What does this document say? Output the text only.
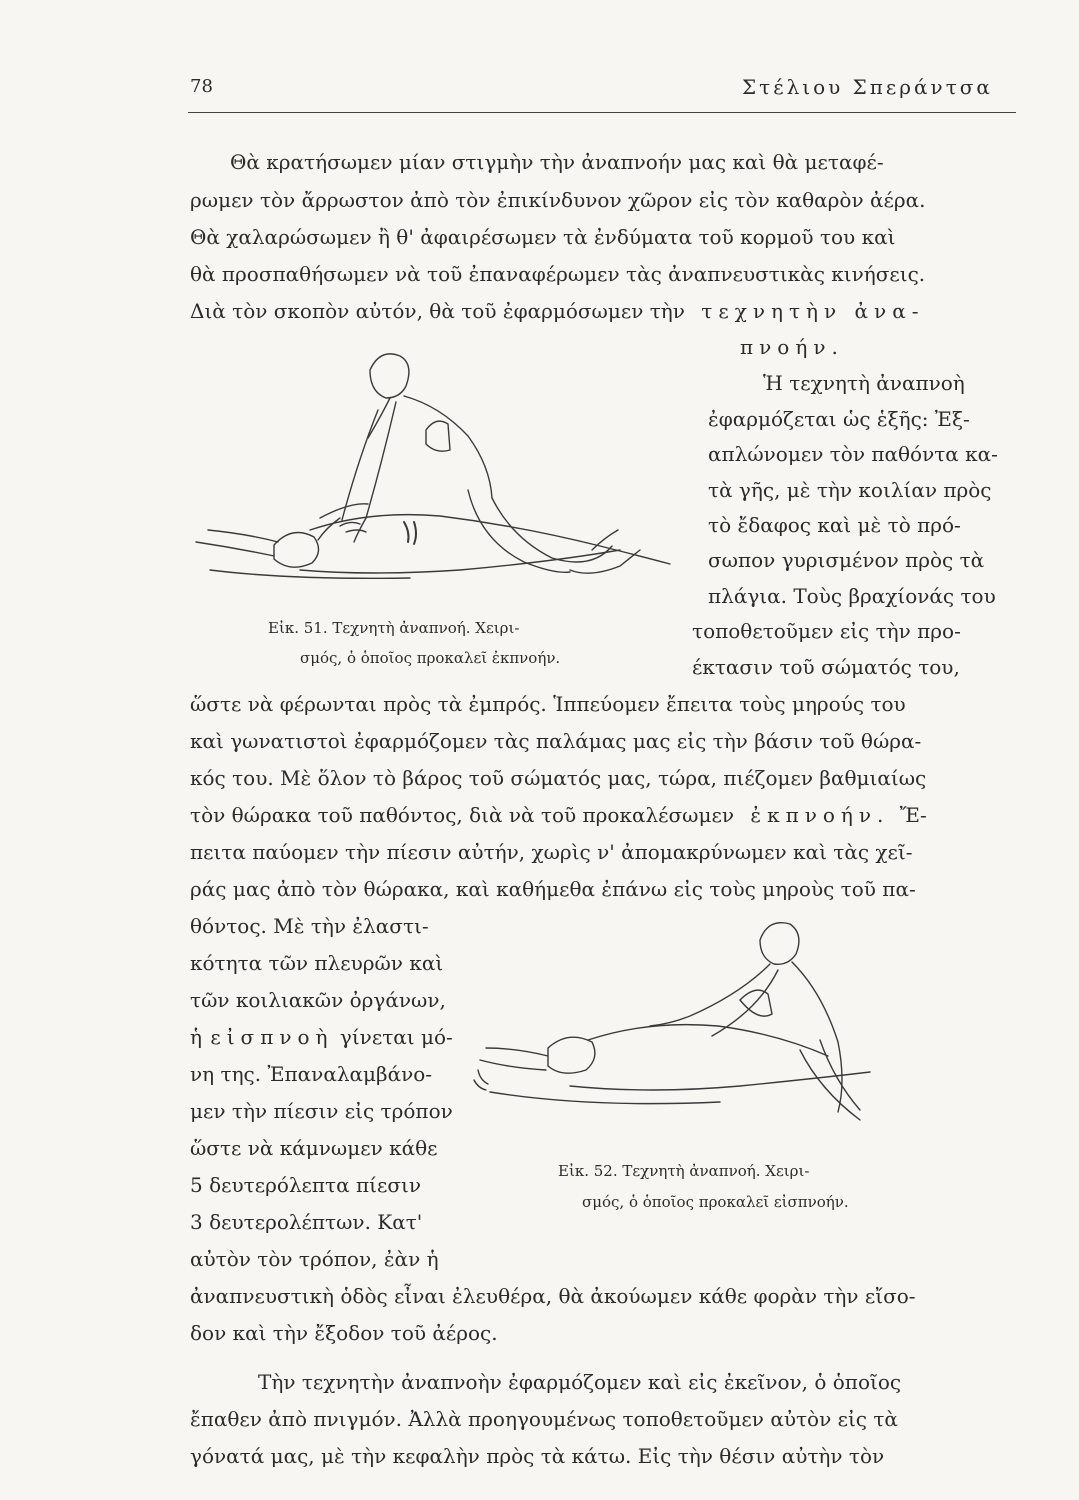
78	Στέλιου Σπεράντσα
Θὰ κρατήσωμεν μίαν στιγμὴν τὴν ἀναπνοήν μας καὶ θὰ μεταφέ-
ρωμεν τὸν ἄρρωστον ἀπὸ τὸν ἐπικίνδυνον χῶρον εἰς τὸν καθαρὸν ἀέρα.
Θὰ χαλαρώσωμεν ἢ θ' ἀφαιρέσωμεν τὰ ἐνδύματα τοῦ κορμοῦ του καὶ
θὰ προσπαθήσωμεν νὰ τοῦ ἐπαναφέρωμεν τὰς ἀναπνευστικὰς κινήσεις.
Διὰ τὸν σκοπὸν αὐτόν, θὰ τοῦ ἐφαρμόσωμεν τὴν τεχνητὴν ἀνα-
πνοήν.
Ἡ τεχνητὴ ἀναπνοὴ
ἐφαρμόζεται ὡς ἑξῆς: Ἐξ-
απλώνομεν τὸν παθόντα κα-
τὰ γῆς, μὲ τὴν κοιλίαν πρὸς
τὸ ἔδαφος καὶ μὲ τὸ πρό-
σωπον γυρισμένον πρὸς τὰ
πλάγια. Τοὺς βραχίονάς του
τοποθετοῦμεν εἰς τὴν προ-
έκτασιν τοῦ σώματός του,
Εἰκ. 51. Τεχνητὴ ἀναπνοή. Χειρι-
σμός, ὁ ὁποῖος προκαλεῖ ἐκπνοήν.
ὥστε νὰ φέρωνται πρὸς τὰ ἐμπρός. Ἱππεύομεν ἔπειτα τοὺς μηρούς του
καὶ γωνατιστοὶ ἐφαρμόζομεν τὰς παλάμας μας εἰς τὴν βάσιν τοῦ θώρα-
κός του. Μὲ ὅλον τὸ βάρος τοῦ σώματός μας, τώρα, πιέζομεν βαθμιαίως
τὸν θώρακα τοῦ παθόντος, διὰ νὰ τοῦ προκαλέσωμεν ἐκπνοήν. Ἔ-
πειτα παύομεν τὴν πίεσιν αὐτήν, χωρὶς ν' ἀπομακρύνωμεν καὶ τὰς χεῖ-
ράς μας ἀπὸ τὸν θώρακα, καὶ καθήμεθα ἐπάνω εἰς τοὺς μηροὺς τοῦ πα-
θόντος. Μὲ τὴν ἐλαστι-
κότητα τῶν πλευρῶν καὶ
τῶν κοιλιακῶν ὀργάνων,
ἡ εἰσπνοὴ γίνεται μό-
νη της. Ἐπαναλαμβάνο-
μεν τὴν πίεσιν εἰς τρόπον
ὥστε νὰ κάμνωμεν κάθε
5 δευτερόλεπτα πίεσιν
3 δευτερολέπτων. Κατ'
αὐτὸν τὸν τρόπον, ἐὰν ἡ
Εἰκ. 52. Τεχνητὴ ἀναπνοή. Χειρι-
σμός, ὁ ὁποῖος προκαλεῖ εἰσπνοήν.
ἀναπνευστικὴ ὁδὸς εἶναι ἐλευθέρα, θὰ ἀκούωμεν κάθε φορὰν τὴν εἴσο-
δον καὶ τὴν ἔξοδον τοῦ ἀέρος.
Τὴν τεχνητὴν ἀναπνοὴν ἐφαρμόζομεν καὶ εἰς ἐκεῖνον, ὁ ὁποῖος
ἔπαθεν ἀπὸ πνιγμόν. Ἀλλὰ προηγουμένως τοποθετοῦμεν αὐτὸν εἰς τὰ
γόνατά μας, μὲ τὴν κεφαλὴν πρὸς τὰ κάτω. Εἰς τὴν θέσιν αὐτὴν τὸν
